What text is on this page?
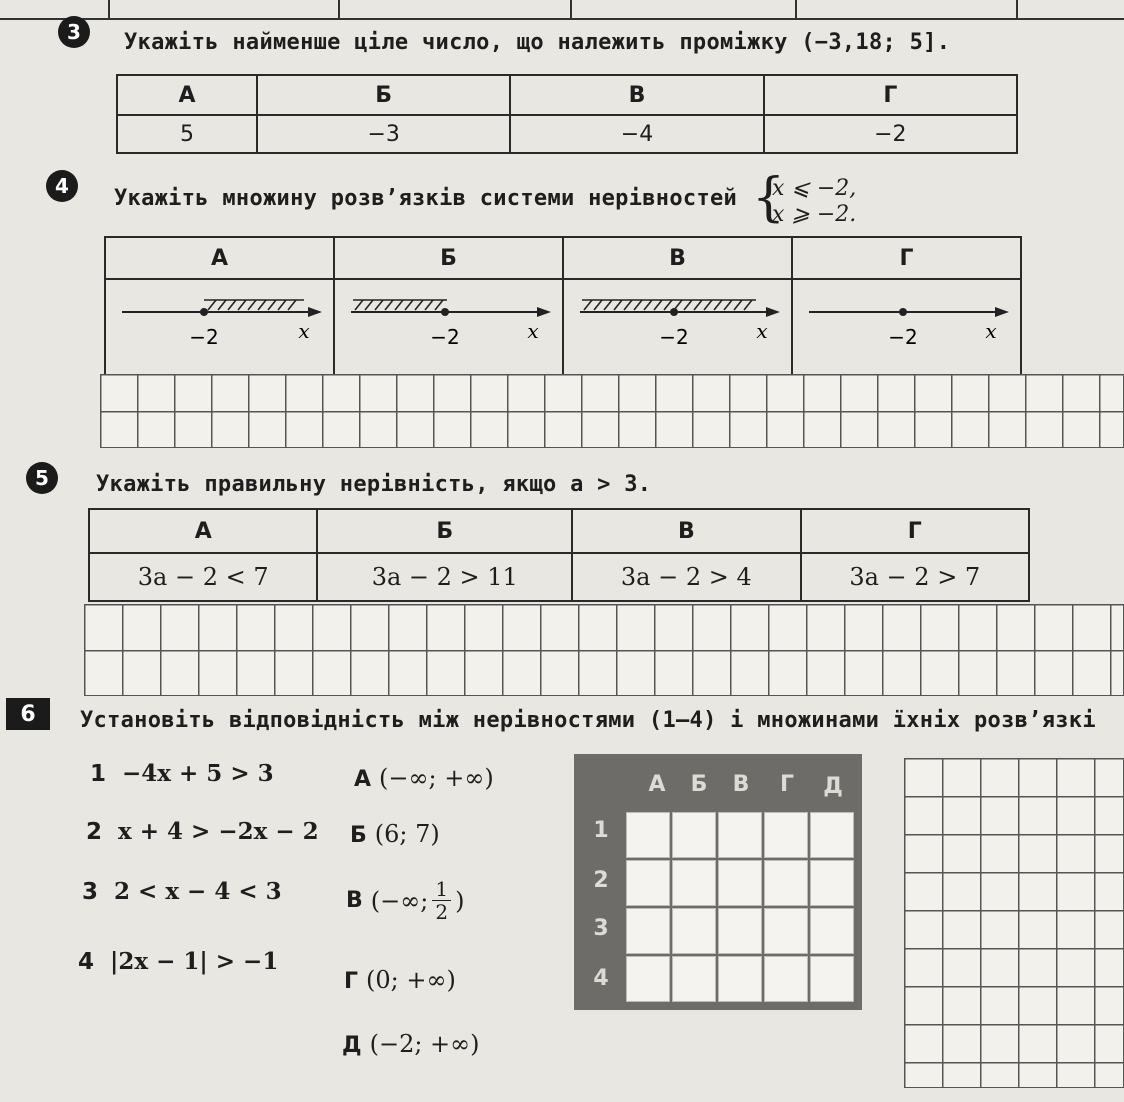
3	Укажіть найменше ціле число, що належить проміжку (−3,18; 5].
А	Б	В	Г
5	−3	−4	−2
4	Укажіть множину розв’язків системи нерівностей {
x ⩽ −2,
x ⩾ −2.
А	Б	В	Г

−2 x	−2 x	−2 x	−2 x
5	Укажіть правильну нерівність, якщо a > 3.
А	Б	В	Г
3a − 2 < 7	3a − 2 > 11	3a − 2 > 4	3a − 2 > 7
6	Установіть відповідність між нерівностями (1–4) і множинами їхніх розв’язкі
1 −4x + 5 > 3
2 x + 4 > −2x − 2
3 2 < x − 4 < 3
4 |2x − 1| > −1
А (−∞; +∞)
Б (6; 7)
В (−∞; 1
2 )
Г (0; +∞)
Д (−2; +∞)
А	Б	В	Г	Д
1
2
3
4
